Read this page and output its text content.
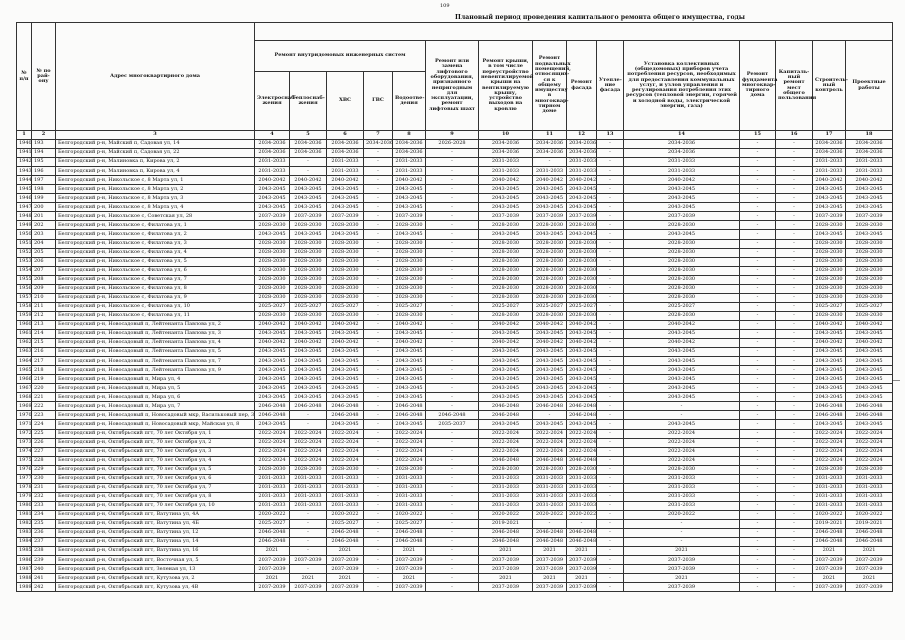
109
Плановый период проведения капитального ремонта общего имущества, годы
№ п/п	№ по рай-ону	Адрес многоквартирного дома															
			Ремонт внутридомовых инженерных систем					Ремонт или замена лифтового оборудования, признанного непригодным для эксплуатации, ремонт лифтовых шахт	Ремонт крыши, в том числе переустройство невентилируемой крыши на вентилируемую крышу, устройство выходов на кровлю	Ремонт подвальных помещений, относящих-ся к общему имуществу в многоквар-тирном доме	Ремонт фасада	Утепле-ние фасада	Установка коллективных (общедомовых) приборов учета потребления ресурсов, необходимых для предоставления коммунальных услуг, и узлов управления и регулирования потребления этих ресурсов (тепловой энергии, горячей и холодной воды, электрической энергии, газа)	Ремонт фундамента многоквар-тирного дома	Капиталь-ный ремонт мест общего пользования	Строитель-ный контроль	Проектные работы
			Электроснаб-жения	Теплоснаб-жения	ХВС	ГВС	Водоотве-дения										
1	2	3	4	5	6	7	8	9	10	11	12	13	14	15	16	17	18
1940	193	Белгородский р-н, Майский п, Садовая ул, 14	2034-2036	2034-2036	2034-2036	2034-2036	2034-2036	2026-2028	2034-2036	2034-2036	2034-2036	-	2034-2036	-	-	2034-2036	2034-2036
1941	194	Белгородский р-н, Майский п, Садовая ул, 22	2034-2036	2034-2036	2034-2036	-	2034-2036	-	2034-2036	2034-2036	2034-2036	-	2034-2036	-	-	2034-2036	2034-2036
1942	195	Белгородский р-н, Малиновка п, Кирова ул, 2	2031-2033	-	2031-2033	-	2031-2033	-	2031-2033	-	2031-2033	-	2031-2033	-	-	2031-2033	2031-2033
1943	196	Белгородский р-н, Малиновка п, Кирова ул, 4	2031-2033	-	2031-2033	-	2031-2033	-	2031-2033	2031-2033	2031-2033	-	2031-2033	-	-	2031-2033	2031-2033
1944	197	Белгородский р-н, Никольское с, 8 Марта ул, 1	2040-2042	2040-2042	2040-2042	-	2040-2042	-	2040-2042	2040-2042	2040-2042	-	2040-2042	-	-	2040-2042	2040-2042
1945	198	Белгородский р-н, Никольское с, 8 Марта ул, 2	2043-2045	2043-2045	2043-2045	-	2043-2045	-	2043-2045	2043-2045	2043-2045	-	2043-2045	-	-	2043-2045	2043-2045
1946	199	Белгородский р-н, Никольское с, 8 Марта ул, 3	2043-2045	2043-2045	2043-2045	-	2043-2045	-	2043-2045	2043-2045	2043-2045	-	2043-2045	-	-	2043-2045	2043-2045
1947	200	Белгородский р-н, Никольское с, 8 Марта ул, 4	2043-2045	2043-2045	2043-2045	-	2043-2045	-	2043-2045	2043-2045	2043-2045	-	2043-2045	-	-	2043-2045	2043-2045
1948	201	Белгородский р-н, Никольское с, Советская ул, 28	2037-2039	2037-2039	2037-2039	-	2037-2039	-	2037-2039	2037-2039	2037-2039	-	2037-2039	-	-	2037-2039	2037-2039
1949	202	Белгородский р-н, Никольское с, Филатова ул, 1	2028-2030	2028-2030	2028-2030	-	2028-2030	-	2028-2030	2028-2030	2028-2030	-	2028-2030	-	-	2028-2030	2028-2030
1950	203	Белгородский р-н, Никольское с, Филатова ул, 2	2043-2045	2043-2045	2043-2045	-	2043-2045	-	2043-2045	2043-2045	2043-2045	-	2043-2045	-	-	2043-2045	2043-2045
1951	204	Белгородский р-н, Никольское с, Филатова ул, 3	2028-2030	2028-2030	2028-2030	-	2028-2030	-	2028-2030	2028-2030	2028-2030	-	2028-2030	-	-	2028-2030	2028-2030
1952	205	Белгородский р-н, Никольское с, Филатова ул, 4	2028-2030	2028-2030	2028-2030	-	2028-2030	-	2028-2030	2028-2030	2028-2030	-	2028-2030	-	-	2028-2030	2028-2030
1953	206	Белгородский р-н, Никольское с, Филатова ул, 5	2028-2030	2028-2030	2028-2030	-	2028-2030	-	2028-2030	2028-2030	2028-2030	-	2028-2030	-	-	2028-2030	2028-2030
1954	207	Белгородский р-н, Никольское с, Филатова ул, 6	2028-2030	2028-2030	2028-2030	-	2028-2030	-	2028-2030	2028-2030	2028-2030	-	2028-2030	-	-	2028-2030	2028-2030
1955	208	Белгородский р-н, Никольское с, Филатова ул, 7	2028-2030	2028-2030	2028-2030	-	2028-2030	-	2028-2030	2028-2030	2028-2030	-	2028-2030	-	-	2028-2030	2028-2030
1956	209	Белгородский р-н, Никольское с, Филатова ул, 8	2028-2030	2028-2030	2028-2030	-	2028-2030	-	2028-2030	2028-2030	2028-2030	-	2028-2030	-	-	2028-2030	2028-2030
1957	210	Белгородский р-н, Никольское с, Филатова ул, 9	2028-2030	2028-2030	2028-2030	-	2028-2030	-	2028-2030	2028-2030	2028-2030	-	2028-2030	-	-	2028-2030	2028-2030
1958	211	Белгородский р-н, Никольское с, Филатова ул, 10	2025-2027	2025-2027	2025-2027	-	2025-2027	-	2025-2027	2025-2027	2025-2027	-	2025-2027	-	-	2025-2027	2025-2027
1959	212	Белгородский р-н, Никольское с, Филатова ул, 11	2028-2030	2028-2030	2028-2030	-	2028-2030	-	2028-2030	2028-2030	2028-2030	-	2028-2030	-	-	2028-2030	2028-2030
1960	213	Белгородский р-н, Новосадовый п, Лейтенанта Павлова ул, 2	2040-2042	2040-2042	2040-2042	-	2040-2042	-	2040-2042	2040-2042	2040-2042	-	2040-2042	-	-	2040-2042	2040-2042
1961	214	Белгородский р-н, Новосадовый п, Лейтенанта Павлова ул, 3	2043-2045	2043-2045	2043-2045	-	2043-2045	-	2043-2045	2043-2045	2043-2045	-	2043-2045	-	-	2043-2045	2043-2045
1962	215	Белгородский р-н, Новосадовый п, Лейтенанта Павлова ул, 4	2040-2042	2040-2042	2040-2042	-	2040-2042	-	2040-2042	2040-2042	2040-2042	-	2040-2042	-	-	2040-2042	2040-2042
1963	216	Белгородский р-н, Новосадовый п, Лейтенанта Павлова ул, 5	2043-2045	2043-2045	2043-2045	-	2043-2045	-	2043-2045	2043-2045	2043-2045	-	2043-2045	-	-	2043-2045	2043-2045
1964	217	Белгородский р-н, Новосадовый п, Лейтенанта Павлова ул, 7	2043-2045	2043-2045	2043-2045	-	2043-2045	-	2043-2045	2043-2045	2043-2045	-	2043-2045	-	-	2043-2045	2043-2045
1965	218	Белгородский р-н, Новосадовый п, Лейтенанта Павлова ул, 9	2043-2045	2043-2045	2043-2045	-	2043-2045	-	2043-2045	2043-2045	2043-2045	-	2043-2045	-	-	2043-2045	2043-2045
1966	219	Белгородский р-н, Новосадовый п, Мира ул, 4	2043-2045	2043-2045	2043-2045	-	2043-2045	-	2043-2045	2043-2045	2043-2045	-	2043-2045	-	-	2043-2045	2043-2045
1967	220	Белгородский р-н, Новосадовый п, Мира ул, 5	2043-2045	2043-2045	2043-2045	-	2043-2045	-	2043-2045	2043-2045	2043-2045	-	2043-2045	-	-	2043-2045	2043-2045
1968	221	Белгородский р-н, Новосадовый п, Мира ул, 6	2043-2045	2043-2045	2043-2045	-	2043-2045	-	2043-2045	2043-2045	2043-2045	-	2043-2045	-	-	2043-2045	2043-2045
1969	222	Белгородский р-н, Новосадовый п, Мира ул, 7	2046-2048	2046-2048	2046-2048	-	2046-2048	-	2046-2048	2046-2048	2046-2048	-	-	-	-	2046-2048	2046-2048
1970	223	Белгородский р-н, Новосадовый п, Новосадовый мкр, Васильковый пер, 3	2046-2048	-	2046-2048	-	2046-2048	2046-2048	2046-2048	-	2046-2048	-	-	-	-	2046-2048	2046-2048
1971	224	Белгородский р-н, Новосадовый п, Новосадовый мкр, Майская ул, 8	2043-2045	-	2043-2045	-	2043-2045	2035-2037	2043-2045	2043-2045	2043-2045	-	2043-2045	-	-	2043-2045	2043-2045
1972	225	Белгородский р-н, Октябрьский пгт, 70 лет Октября ул, 1	2022-2024	2022-2024	2022-2024	-	2022-2024	-	2022-2024	2022-2024	2022-2024	-	2022-2024	-	-	2022-2024	2022-2024
1973	226	Белгородский р-н, Октябрьский пгт, 70 лет Октября ул, 2	2022-2024	2022-2024	2022-2024	-	2022-2024	-	2022-2024	2022-2024	2022-2024	-	2022-2024	-	-	2022-2024	2022-2024
1974	227	Белгородский р-н, Октябрьский пгт, 70 лет Октября ул, 3	2022-2024	2022-2024	2022-2024	-	2022-2024	-	2022-2024	2022-2024	2022-2024	-	2022-2024	-	-	2022-2024	2022-2024
1975	228	Белгородский р-н, Октябрьский пгт, 70 лет Октября ул, 4	2022-2024	2022-2024	2022-2024	-	2022-2024	-	2046-2048	2046-2048	2046-2048	-	2022-2024	-	-	2022-2024	2022-2024
1976	229	Белгородский р-н, Октябрьский пгт, 70 лет Октября ул, 5	2028-2030	2028-2030	2028-2030	-	2028-2030	-	2028-2030	2028-2030	2028-2030	-	2028-2030	-	-	2028-2030	2028-2030
1977	230	Белгородский р-н, Октябрьский пгт, 70 лет Октября ул, 6	2031-2033	2031-2033	2031-2033	-	2031-2033	-	2031-2033	2031-2033	2031-2033	-	2031-2033	-	-	2031-2033	2031-2033
1978	231	Белгородский р-н, Октябрьский пгт, 70 лет Октября ул, 7	2031-2033	2031-2033	2031-2033	-	2031-2033	-	2031-2033	2031-2033	2031-2033	-	2031-2033	-	-	2031-2033	2031-2033
1979	232	Белгородский р-н, Октябрьский пгт, 70 лет Октября ул, 8	2031-2033	2031-2033	2031-2033	-	2031-2033	-	2031-2033	2031-2033	2031-2033	-	2031-2033	-	-	2031-2033	2031-2033
1980	233	Белгородский р-н, Октябрьский пгт, 70 лет Октября ул, 10	2031-2033	2031-2033	2031-2033	-	2031-2033	-	2031-2033	2031-2033	2031-2033	-	2031-2033	-	-	2031-2033	2031-2033
1981	234	Белгородский р-н, Октябрьский пгт, Ватутина ул, 4А	2020-2022	-	2020-2022	-	2020-2022	-	2020-2022	2020-2022	2020-2022	-	2020-2022	-	-	2020-2022	2020-2022
1982	235	Белгородский р-н, Октябрьский пгт, Ватутина ул, 4Б	2025-2027	-	2025-2027	-	2025-2027	-	2019-2021	-	-	-	-	-	-	2019-2021	2019-2021
1983	236	Белгородский р-н, Октябрьский пгт, Ватутина ул, 12	2046-2048	-	2046-2048	-	2046-2048	-	2046-2048	2046-2048	2046-2048	-	-	-	-	2046-2048	2046-2048
1984	237	Белгородский р-н, Октябрьский пгт, Ватутина ул, 14	2046-2048	-	2046-2048	-	2046-2048	-	2046-2048	2046-2048	2046-2048	-	-	-	-	2046-2048	2046-2048
1985	238	Белгородский р-н, Октябрьский пгт, Ватутина ул, 16	2021	-	2021	-	2021	-	2021	2021	2021	-	2021	-	-	2021	2021
1986	239	Белгородский р-н, Октябрьский пгт, Восточная ул, 5	2037-2039	2037-2039	2037-2039	-	2037-2039	-	2037-2039	2037-2039	2037-2039	-	2037-2039	-	-	2037-2039	2037-2039
1987	240	Белгородский р-н, Октябрьский пгт, Зеленая ул, 13	2037-2039	-	2037-2039	-	2037-2039	-	2037-2039	2037-2039	2037-2039	-	2037-2039	-	-	2037-2039	2037-2039
1988	241	Белгородский р-н, Октябрьский пгт, Кутузова ул, 2	2021	2021	2021	-	2021	-	2021	2021	2021	-	2021	-	-	2021	2021
1989	242	Белгородский р-н, Октябрьский пгт, Кутузова ул, 4В	2037-2039	2037-2039	2037-2039	-	2037-2039	-	2037-2039	2037-2039	2037-2039	-	2037-2039	-	-	2037-2039	2037-2039
